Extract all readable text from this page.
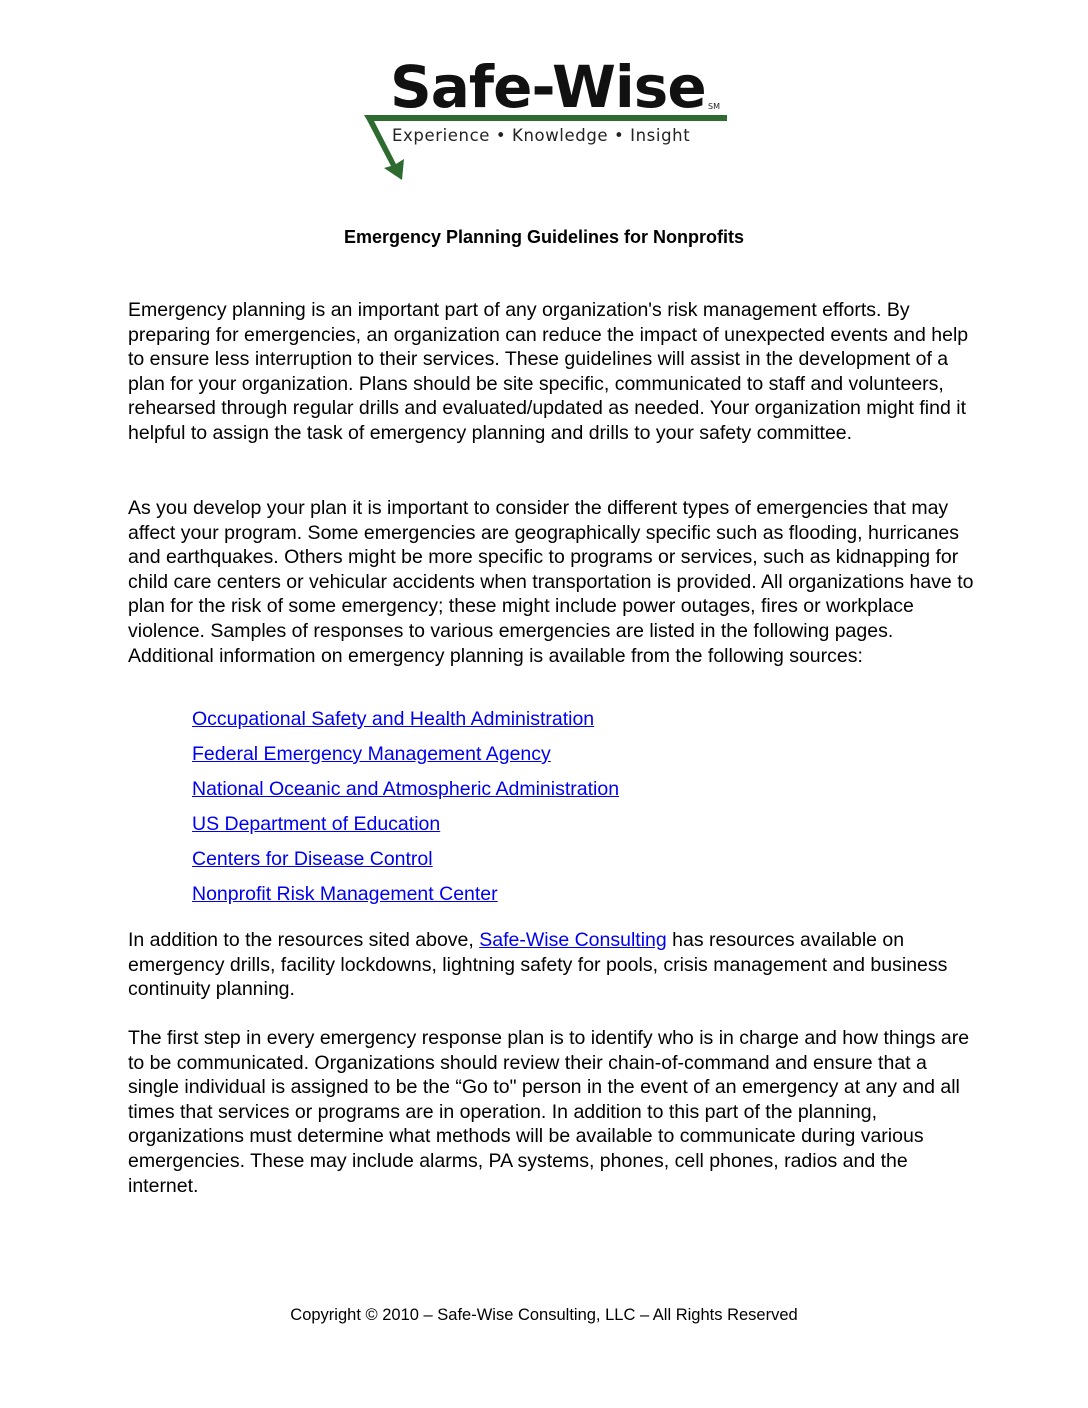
Safe-Wise SM
Experience • Knowledge • Insight
Emergency Planning Guidelines for Nonprofits

Emergency planning is an important part of any organization's risk management efforts. By preparing for emergencies, an organization can reduce the impact of unexpected events and help to ensure less interruption to their services. These guidelines will assist in the development of a plan for your organization. Plans should be site specific, communicated to staff and volunteers, rehearsed through regular drills and evaluated/updated as needed. Your organization might find it helpful to assign the task of emergency planning and drills to your safety committee.

As you develop your plan it is important to consider the different types of emergencies that may affect your program. Some emergencies are geographically specific such as flooding, hurricanes and earthquakes. Others might be more specific to programs or services, such as kidnapping for child care centers or vehicular accidents when transportation is provided. All organizations have to plan for the risk of some emergency; these might include power outages, fires or workplace violence. Samples of responses to various emergencies are listed in the following pages. Additional information on emergency planning is available from the following sources:

Occupational Safety and Health Administration
Federal Emergency Management Agency
National Oceanic and Atmospheric Administration
US Department of Education
Centers for Disease Control
Nonprofit Risk Management Center

In addition to the resources sited above, Safe-Wise Consulting has resources available on emergency drills, facility lockdowns, lightning safety for pools, crisis management and business continuity planning.

The first step in every emergency response plan is to identify who is in charge and how things are to be communicated. Organizations should review their chain-of-command and ensure that a single individual is assigned to be the “Go to" person in the event of an emergency at any and all times that services or programs are in operation. In addition to this part of the planning, organizations must determine what methods will be available to communicate during various emergencies. These may include alarms, PA systems, phones, cell phones, radios and the internet.

Copyright © 2010 – Safe-Wise Consulting, LLC – All Rights Reserved
